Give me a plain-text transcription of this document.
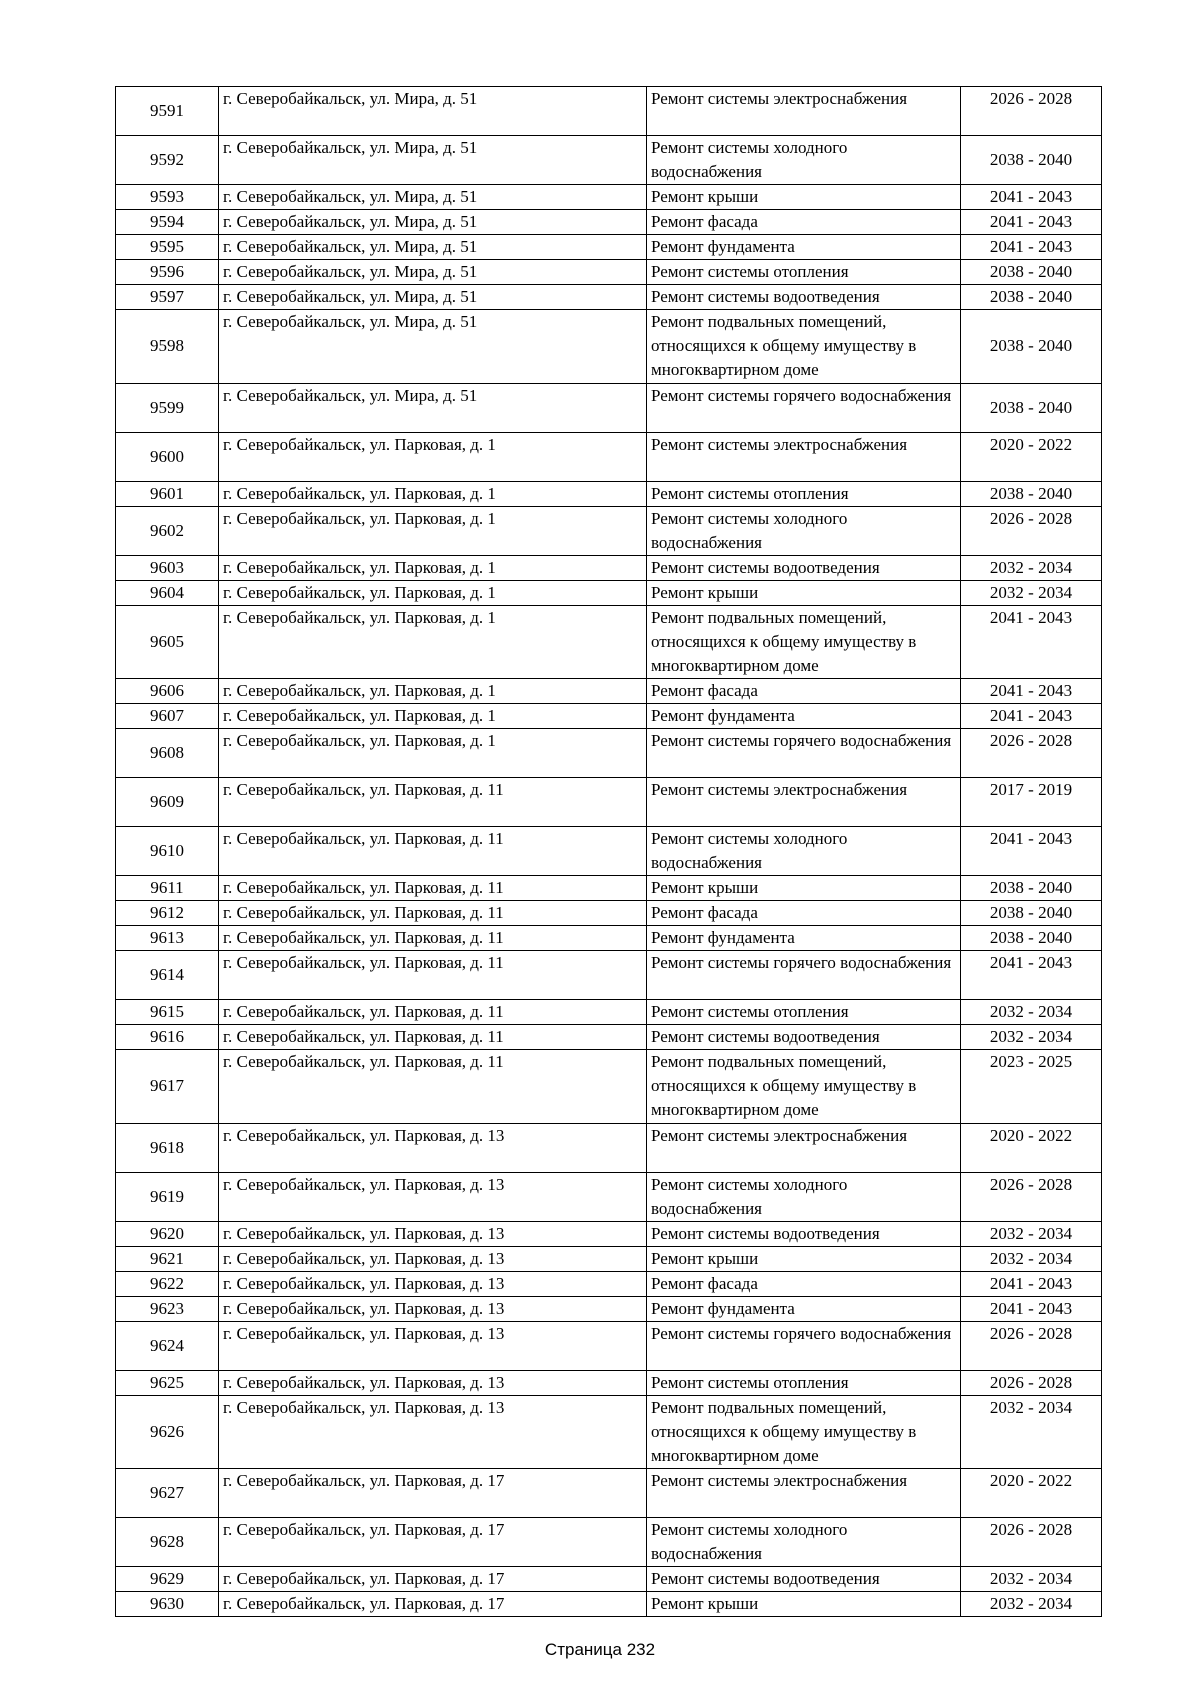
9591	г. Северобайкальск, ул. Мира, д. 51	Ремонт системы электроснабжения	2026 - 2028
9592	г. Северобайкальск, ул. Мира, д. 51	Ремонт системы холодного водоснабжения	2038 - 2040
9593	г. Северобайкальск, ул. Мира, д. 51	Ремонт крыши	2041 - 2043
9594	г. Северобайкальск, ул. Мира, д. 51	Ремонт фасада	2041 - 2043
9595	г. Северобайкальск, ул. Мира, д. 51	Ремонт фундамента	2041 - 2043
9596	г. Северобайкальск, ул. Мира, д. 51	Ремонт системы отопления	2038 - 2040
9597	г. Северобайкальск, ул. Мира, д. 51	Ремонт системы водоотведения	2038 - 2040
9598	г. Северобайкальск, ул. Мира, д. 51	Ремонт подвальных помещений, относящихся к общему имуществу в многоквартирном доме	2038 - 2040
9599	г. Северобайкальск, ул. Мира, д. 51	Ремонт системы горячего водоснабжения	2038 - 2040
9600	г. Северобайкальск, ул. Парковая, д. 1	Ремонт системы электроснабжения	2020 - 2022
9601	г. Северобайкальск, ул. Парковая, д. 1	Ремонт системы отопления	2038 - 2040
9602	г. Северобайкальск, ул. Парковая, д. 1	Ремонт системы холодного водоснабжения	2026 - 2028
9603	г. Северобайкальск, ул. Парковая, д. 1	Ремонт системы водоотведения	2032 - 2034
9604	г. Северобайкальск, ул. Парковая, д. 1	Ремонт крыши	2032 - 2034
9605	г. Северобайкальск, ул. Парковая, д. 1	Ремонт подвальных помещений, относящихся к общему имуществу в многоквартирном доме	2041 - 2043
9606	г. Северобайкальск, ул. Парковая, д. 1	Ремонт фасада	2041 - 2043
9607	г. Северобайкальск, ул. Парковая, д. 1	Ремонт фундамента	2041 - 2043
9608	г. Северобайкальск, ул. Парковая, д. 1	Ремонт системы горячего водоснабжения	2026 - 2028
9609	г. Северобайкальск, ул. Парковая, д. 11	Ремонт системы электроснабжения	2017 - 2019
9610	г. Северобайкальск, ул. Парковая, д. 11	Ремонт системы холодного водоснабжения	2041 - 2043
9611	г. Северобайкальск, ул. Парковая, д. 11	Ремонт крыши	2038 - 2040
9612	г. Северобайкальск, ул. Парковая, д. 11	Ремонт фасада	2038 - 2040
9613	г. Северобайкальск, ул. Парковая, д. 11	Ремонт фундамента	2038 - 2040
9614	г. Северобайкальск, ул. Парковая, д. 11	Ремонт системы горячего водоснабжения	2041 - 2043
9615	г. Северобайкальск, ул. Парковая, д. 11	Ремонт системы отопления	2032 - 2034
9616	г. Северобайкальск, ул. Парковая, д. 11	Ремонт системы водоотведения	2032 - 2034
9617	г. Северобайкальск, ул. Парковая, д. 11	Ремонт подвальных помещений, относящихся к общему имуществу в многоквартирном доме	2023 - 2025
9618	г. Северобайкальск, ул. Парковая, д. 13	Ремонт системы электроснабжения	2020 - 2022
9619	г. Северобайкальск, ул. Парковая, д. 13	Ремонт системы холодного водоснабжения	2026 - 2028
9620	г. Северобайкальск, ул. Парковая, д. 13	Ремонт системы водоотведения	2032 - 2034
9621	г. Северобайкальск, ул. Парковая, д. 13	Ремонт крыши	2032 - 2034
9622	г. Северобайкальск, ул. Парковая, д. 13	Ремонт фасада	2041 - 2043
9623	г. Северобайкальск, ул. Парковая, д. 13	Ремонт фундамента	2041 - 2043
9624	г. Северобайкальск, ул. Парковая, д. 13	Ремонт системы горячего водоснабжения	2026 - 2028
9625	г. Северобайкальск, ул. Парковая, д. 13	Ремонт системы отопления	2026 - 2028
9626	г. Северобайкальск, ул. Парковая, д. 13	Ремонт подвальных помещений, относящихся к общему имуществу в многоквартирном доме	2032 - 2034
9627	г. Северобайкальск, ул. Парковая, д. 17	Ремонт системы электроснабжения	2020 - 2022
9628	г. Северобайкальск, ул. Парковая, д. 17	Ремонт системы холодного водоснабжения	2026 - 2028
9629	г. Северобайкальск, ул. Парковая, д. 17	Ремонт системы водоотведения	2032 - 2034
9630	г. Северобайкальск, ул. Парковая, д. 17	Ремонт крыши	2032 - 2034
Страница 232
